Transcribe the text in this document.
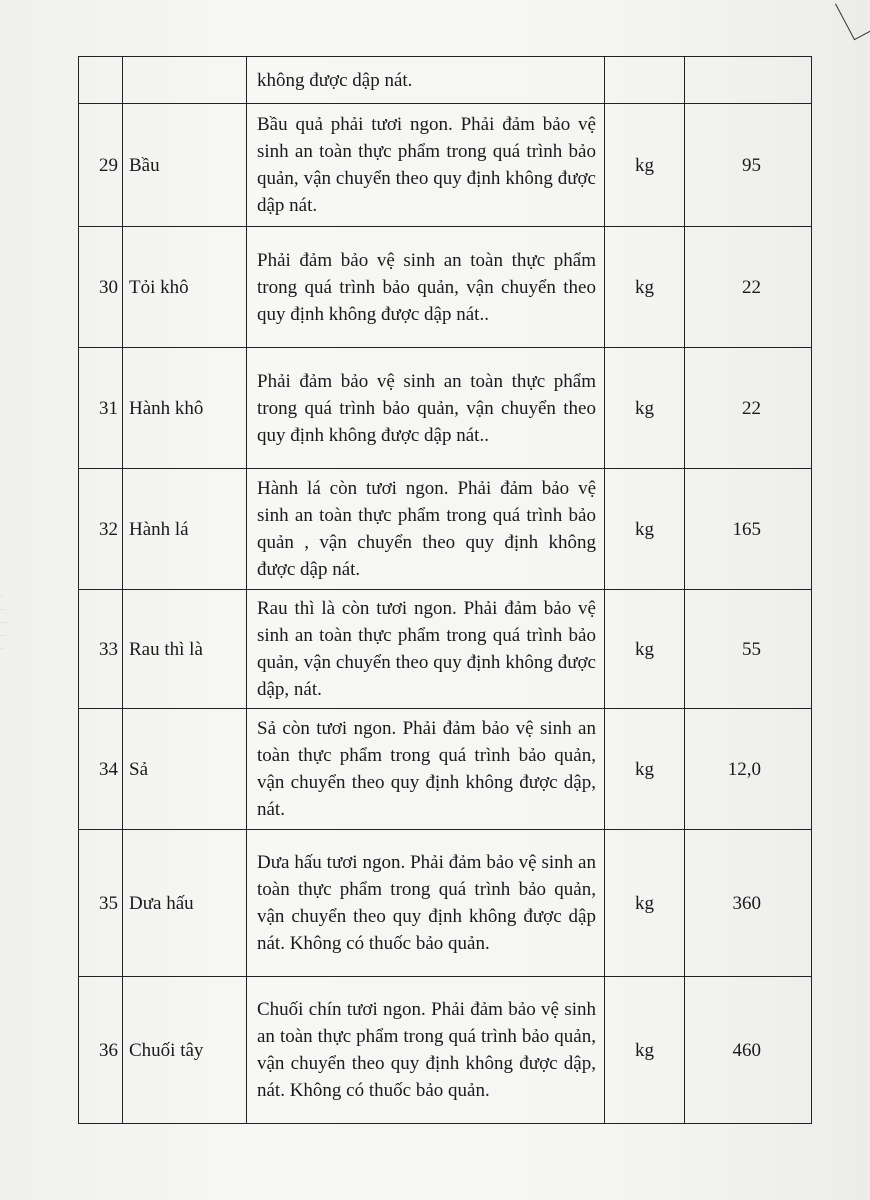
·
··
···
··
·
		không được dập nát.		
29	Bầu	Bầu quả phải tươi ngon. Phải đảm bảo vệ sinh an toàn thực phẩm trong quá trình bảo quản, vận chuyển theo quy định không được dập nát.	kg	95
30	Tỏi khô	Phải đảm bảo vệ sinh an toàn thực phẩm trong quá trình bảo quản, vận chuyển theo quy định không được dập nát..	kg	22
31	Hành khô	Phải đảm bảo vệ sinh an toàn thực phẩm trong quá trình bảo quản, vận chuyển theo quy định không được dập nát..	kg	22
32	Hành lá	Hành lá còn tươi ngon. Phải đảm bảo vệ sinh an toàn thực phẩm trong quá trình bảo quản , vận chuyển theo quy định không được dập nát.	kg	165
33	Rau thì là	Rau thì là còn tươi ngon. Phải đảm bảo vệ sinh an toàn thực phẩm trong quá trình bảo quản, vận chuyển theo quy định không được dập, nát.	kg	55
34	Sả	Sả còn tươi ngon. Phải đảm bảo vệ sinh an toàn thực phẩm trong quá trình bảo quản, vận chuyển theo quy định không được dập, nát.	kg	12,0
35	Dưa hấu	Dưa hấu tươi ngon. Phải đảm bảo vệ sinh an toàn thực phẩm trong quá trình bảo quản, vận chuyển theo quy định không được dập nát. Không có thuốc bảo quản.	kg	360
36	Chuối tây	Chuối chín tươi ngon. Phải đảm bảo vệ sinh an toàn thực phẩm trong quá trình bảo quản, vận chuyển theo quy định không được dập, nát. Không có thuốc bảo quản.	kg	460
